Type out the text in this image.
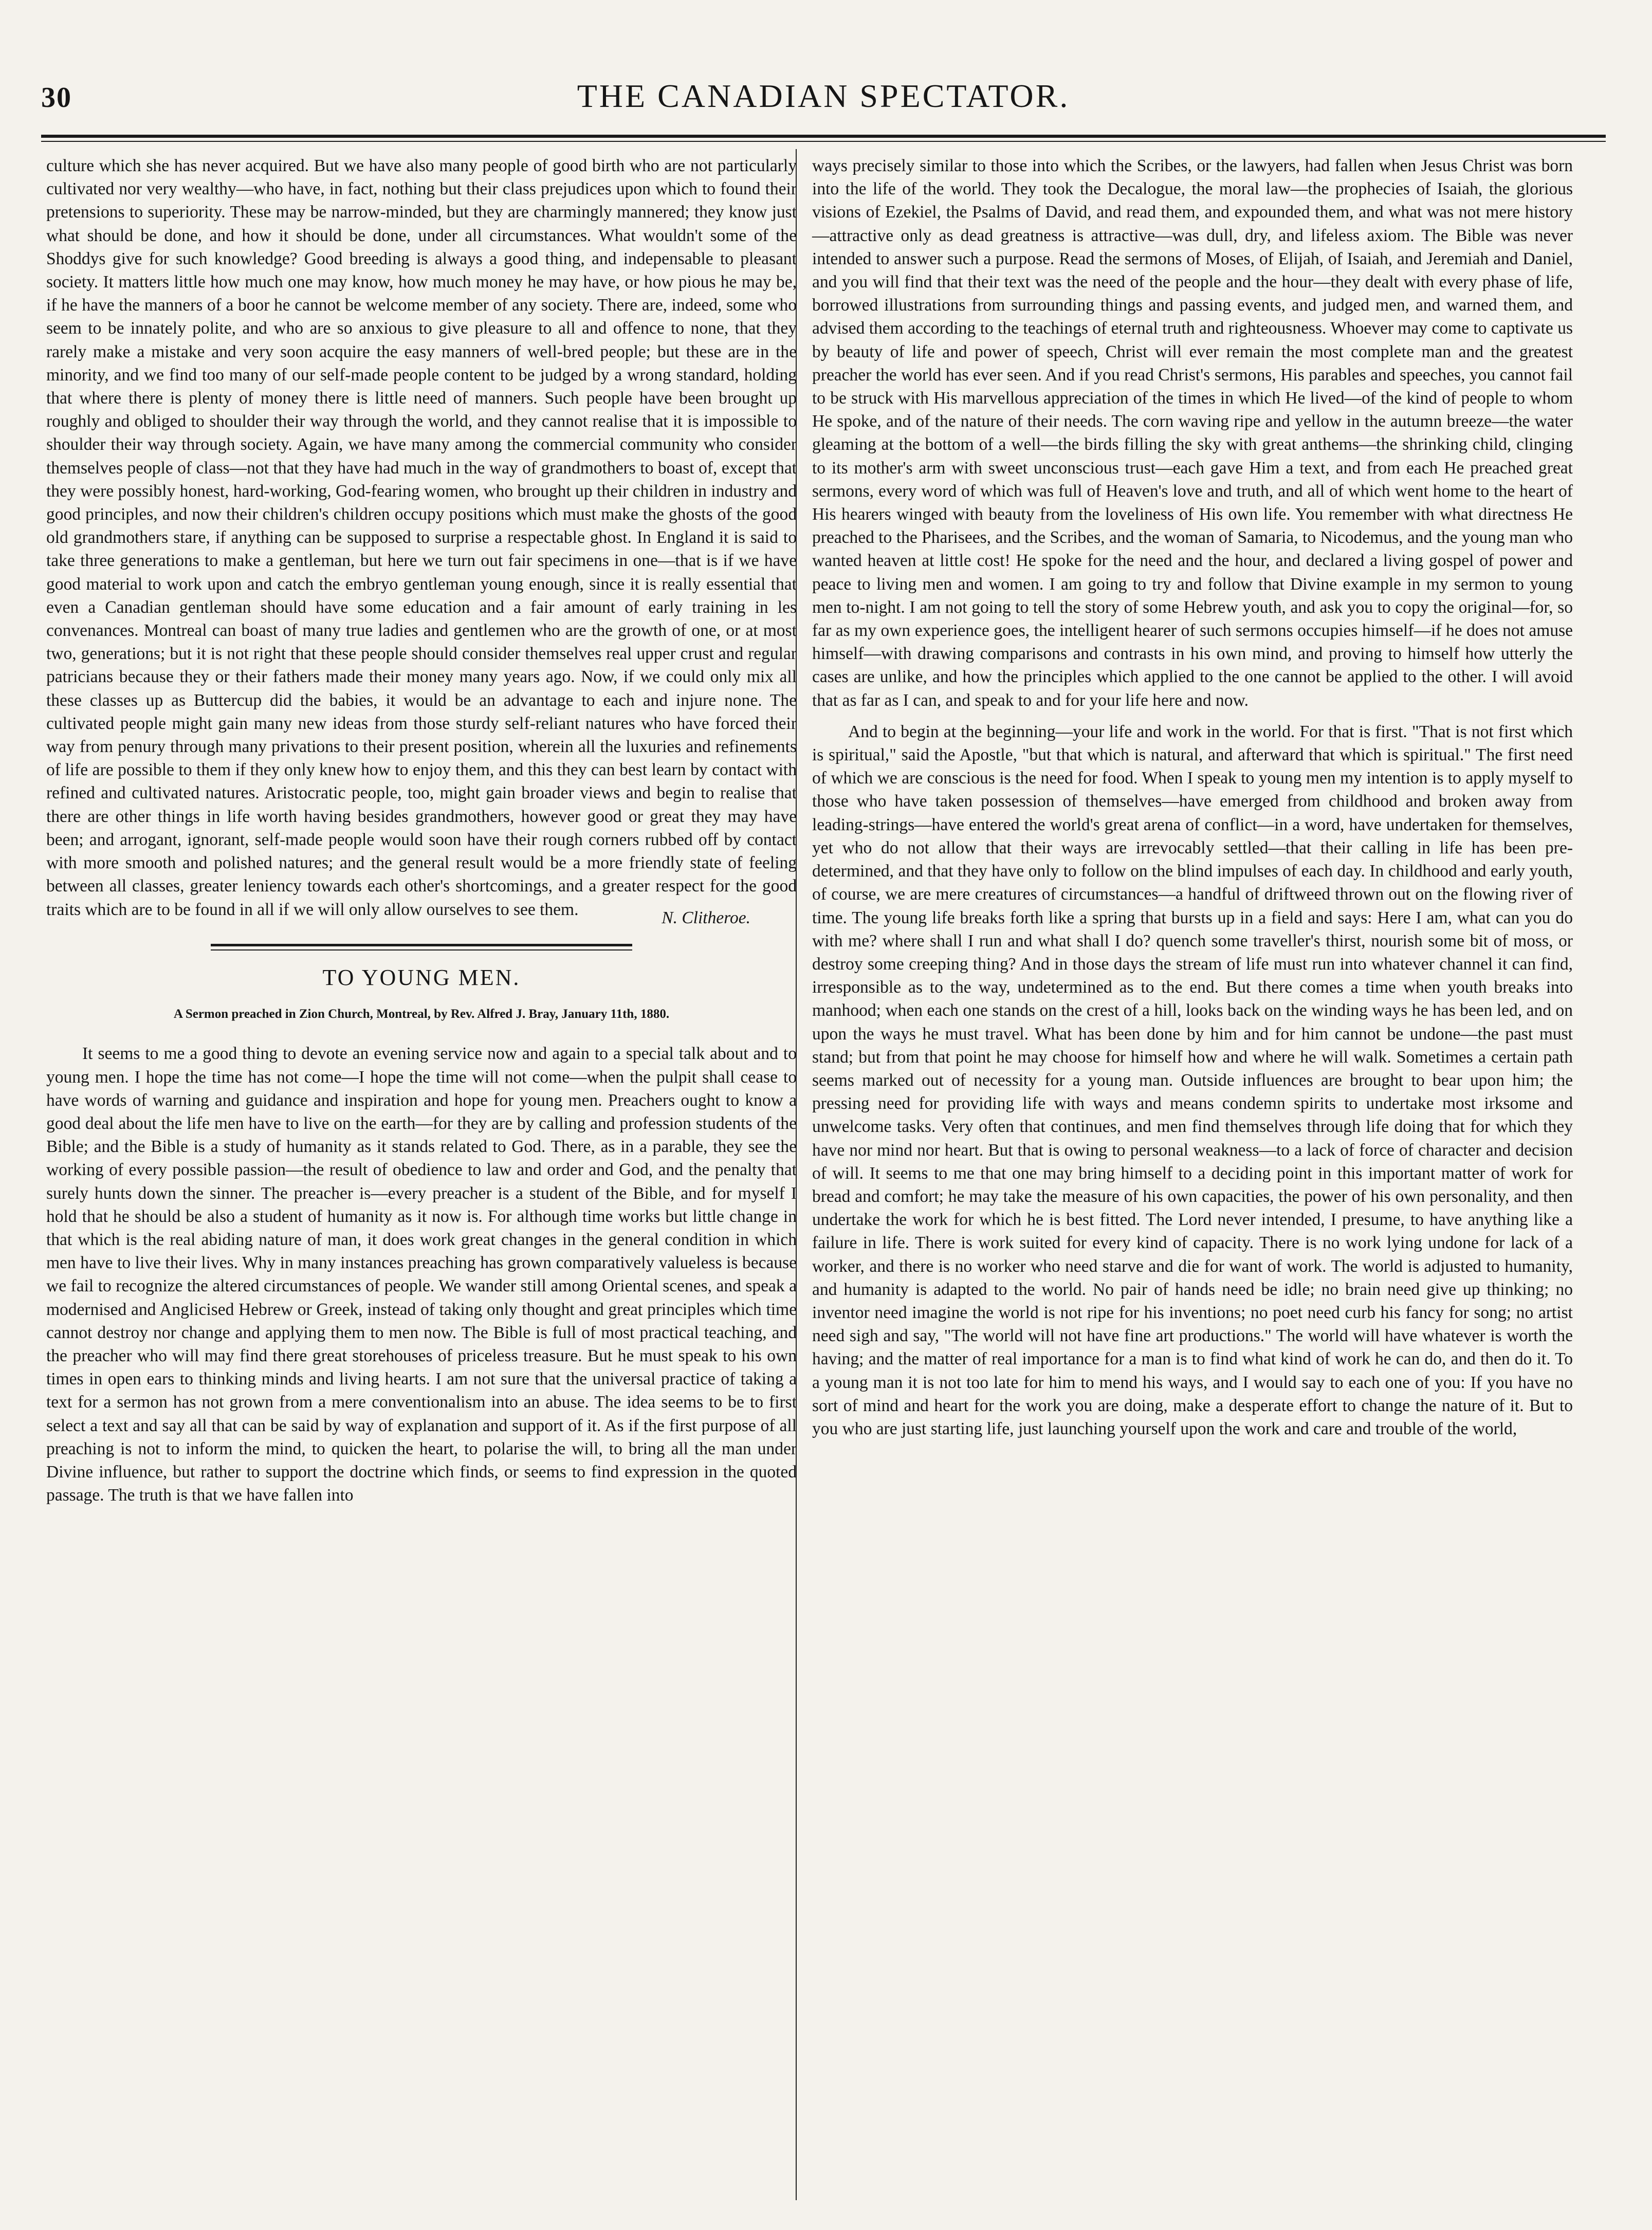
30	THE CANADIAN SPECTATOR.

culture which she has never acquired. But we have also many people of good birth who are not particularly cultivated nor very wealthy—who have, in fact, nothing but their class prejudices upon which to found their pretensions to superiority. These may be narrow-minded, but they are charmingly mannered; they know just what should be done, and how it should be done, under all circumstances. What wouldn't some of the Shoddys give for such knowledge? Good breeding is always a good thing, and indepensable to pleasant society. It matters little how much one may know, how much money he may have, or how pious he may be, if he have the manners of a boor he cannot be welcome member of any society. There are, indeed, some who seem to be innately polite, and who are so anxious to give pleasure to all and offence to none, that they rarely make a mistake and very soon acquire the easy manners of well-bred people; but these are in the minority, and we find too many of our self-made people content to be judged by a wrong standard, holding that where there is plenty of money there is little need of manners. Such people have been brought up roughly and obliged to shoulder their way through the world, and they cannot realise that it is impossible to shoulder their way through society. Again, we have many among the commercial community who consider themselves people of class—not that they have had much in the way of grandmothers to boast of, except that they were possibly honest, hard-working, God-fearing women, who brought up their children in industry and good principles, and now their children's children occupy positions which must make the ghosts of the good old grandmothers stare, if anything can be supposed to surprise a respectable ghost. In England it is said to take three generations to make a gentleman, but here we turn out fair specimens in one—that is if we have good material to work upon and catch the embryo gentleman young enough, since it is really essential that even a Canadian gentleman should have some education and a fair amount of early training in les convenances. Montreal can boast of many true ladies and gentlemen who are the growth of one, or at most two, generations; but it is not right that these people should consider themselves real upper crust and regular patricians because they or their fathers made their money many years ago. Now, if we could only mix all these classes up as Buttercup did the babies, it would be an advantage to each and injure none. The cultivated people might gain many new ideas from those sturdy self-reliant natures who have forced their way from penury through many privations to their present position, wherein all the luxuries and refinements of life are possible to them if they only knew how to enjoy them, and this they can best learn by contact with refined and cultivated natures. Aristocratic people, too, might gain broader views and begin to realise that there are other things in life worth having besides grandmothers, however good or great they may have been; and arrogant, ignorant, self-made people would soon have their rough corners rubbed off by contact with more smooth and polished natures; and the general result would be a more friendly state of feeling between all classes, greater leniency towards each other's shortcomings, and a greater respect for the good traits which are to be found in all if we will only allow ourselves to see them.	N. Clitheroe.

TO YOUNG MEN.
A Sermon preached in Zion Church, Montreal, by Rev. Alfred J. Bray, January 11th, 1880.

It seems to me a good thing to devote an evening service now and again to a special talk about and to young men. I hope the time has not come—I hope the time will not come—when the pulpit shall cease to have words of warning and guidance and inspiration and hope for young men. Preachers ought to know a good deal about the life men have to live on the earth—for they are by calling and profession students of the Bible; and the Bible is a study of humanity as it stands related to God. There, as in a parable, they see the working of every possible passion—the result of obedience to law and order and God, and the penalty that surely hunts down the sinner. The preacher is—every preacher is a student of the Bible, and for myself I hold that he should be also a student of humanity as it now is. For although time works but little change in that which is the real abiding nature of man, it does work great changes in the general condition in which men have to live their lives. Why in many instances preaching has grown comparatively valueless is because we fail to recognize the altered circumstances of people. We wander still among Oriental scenes, and speak a modernised and Anglicised Hebrew or Greek, instead of taking only thought and great principles which time cannot destroy nor change and applying them to men now. The Bible is full of most practical teaching, and the preacher who will may find there great storehouses of priceless treasure. But he must speak to his own times in open ears to thinking minds and living hearts. I am not sure that the universal practice of taking a text for a sermon has not grown from a mere conventionalism into an abuse. The idea seems to be to first select a text and say all that can be said by way of explanation and support of it. As if the first purpose of all preaching is not to inform the mind, to quicken the heart, to polarise the will, to bring all the man under Divine influence, but rather to support the doctrine which finds, or seems to find expression in the quoted passage. The truth is that we have fallen into

ways precisely similar to those into which the Scribes, or the lawyers, had fallen when Jesus Christ was born into the life of the world. They took the Decalogue, the moral law—the prophecies of Isaiah, the glorious visions of Ezekiel, the Psalms of David, and read them, and expounded them, and what was not mere history—attractive only as dead greatness is attractive—was dull, dry, and lifeless axiom. The Bible was never intended to answer such a purpose. Read the sermons of Moses, of Elijah, of Isaiah, and Jeremiah and Daniel, and you will find that their text was the need of the people and the hour—they dealt with every phase of life, borrowed illustrations from surrounding things and passing events, and judged men, and warned them, and advised them according to the teachings of eternal truth and righteousness. Whoever may come to captivate us by beauty of life and power of speech, Christ will ever remain the most complete man and the greatest preacher the world has ever seen. And if you read Christ's sermons, His parables and speeches, you cannot fail to be struck with His marvellous appreciation of the times in which He lived—of the kind of people to whom He spoke, and of the nature of their needs. The corn waving ripe and yellow in the autumn breeze—the water gleaming at the bottom of a well—the birds filling the sky with great anthems—the shrinking child, clinging to its mother's arm with sweet unconscious trust—each gave Him a text, and from each He preached great sermons, every word of which was full of Heaven's love and truth, and all of which went home to the heart of His hearers winged with beauty from the loveliness of His own life. You remember with what directness He preached to the Pharisees, and the Scribes, and the woman of Samaria, to Nicodemus, and the young man who wanted heaven at little cost! He spoke for the need and the hour, and declared a living gospel of power and peace to living men and women. I am going to try and follow that Divine example in my sermon to young men to-night. I am not going to tell the story of some Hebrew youth, and ask you to copy the original—for, so far as my own experience goes, the intelligent hearer of such sermons occupies himself—if he does not amuse himself—with drawing comparisons and contrasts in his own mind, and proving to himself how utterly the cases are unlike, and how the principles which applied to the one cannot be applied to the other. I will avoid that as far as I can, and speak to and for your life here and now.

And to begin at the beginning—your life and work in the world. For that is first. "That is not first which is spiritual," said the Apostle, "but that which is natural, and afterward that which is spiritual." The first need of which we are conscious is the need for food. When I speak to young men my intention is to apply myself to those who have taken possession of themselves—have emerged from childhood and broken away from leading-strings—have entered the world's great arena of conflict—in a word, have undertaken for themselves, yet who do not allow that their ways are irrevocably settled—that their calling in life has been pre-determined, and that they have only to follow on the blind impulses of each day. In childhood and early youth, of course, we are mere creatures of circumstances—a handful of driftweed thrown out on the flowing river of time. The young life breaks forth like a spring that bursts up in a field and says: Here I am, what can you do with me? where shall I run and what shall I do? quench some traveller's thirst, nourish some bit of moss, or destroy some creeping thing? And in those days the stream of life must run into whatever channel it can find, irresponsible as to the way, undetermined as to the end. But there comes a time when youth breaks into manhood; when each one stands on the crest of a hill, looks back on the winding ways he has been led, and on upon the ways he must travel. What has been done by him and for him cannot be undone—the past must stand; but from that point he may choose for himself how and where he will walk. Sometimes a certain path seems marked out of necessity for a young man. Outside influences are brought to bear upon him; the pressing need for providing life with ways and means condemn spirits to undertake most irksome and unwelcome tasks. Very often that continues, and men find themselves through life doing that for which they have nor mind nor heart. But that is owing to personal weakness—to a lack of force of character and decision of will. It seems to me that one may bring himself to a deciding point in this important matter of work for bread and comfort; he may take the measure of his own capacities, the power of his own personality, and then undertake the work for which he is best fitted. The Lord never intended, I presume, to have anything like a failure in life. There is work suited for every kind of capacity. There is no work lying undone for lack of a worker, and there is no worker who need starve and die for want of work. The world is adjusted to humanity, and humanity is adapted to the world. No pair of hands need be idle; no brain need give up thinking; no inventor need imagine the world is not ripe for his inventions; no poet need curb his fancy for song; no artist need sigh and say, "The world will not have fine art productions." The world will have whatever is worth the having; and the matter of real importance for a man is to find what kind of work he can do, and then do it. To a young man it is not too late for him to mend his ways, and I would say to each one of you: If you have no sort of mind and heart for the work you are doing, make a desperate effort to change the nature of it. But to you who are just starting life, just launching yourself upon the work and care and trouble of the world,
